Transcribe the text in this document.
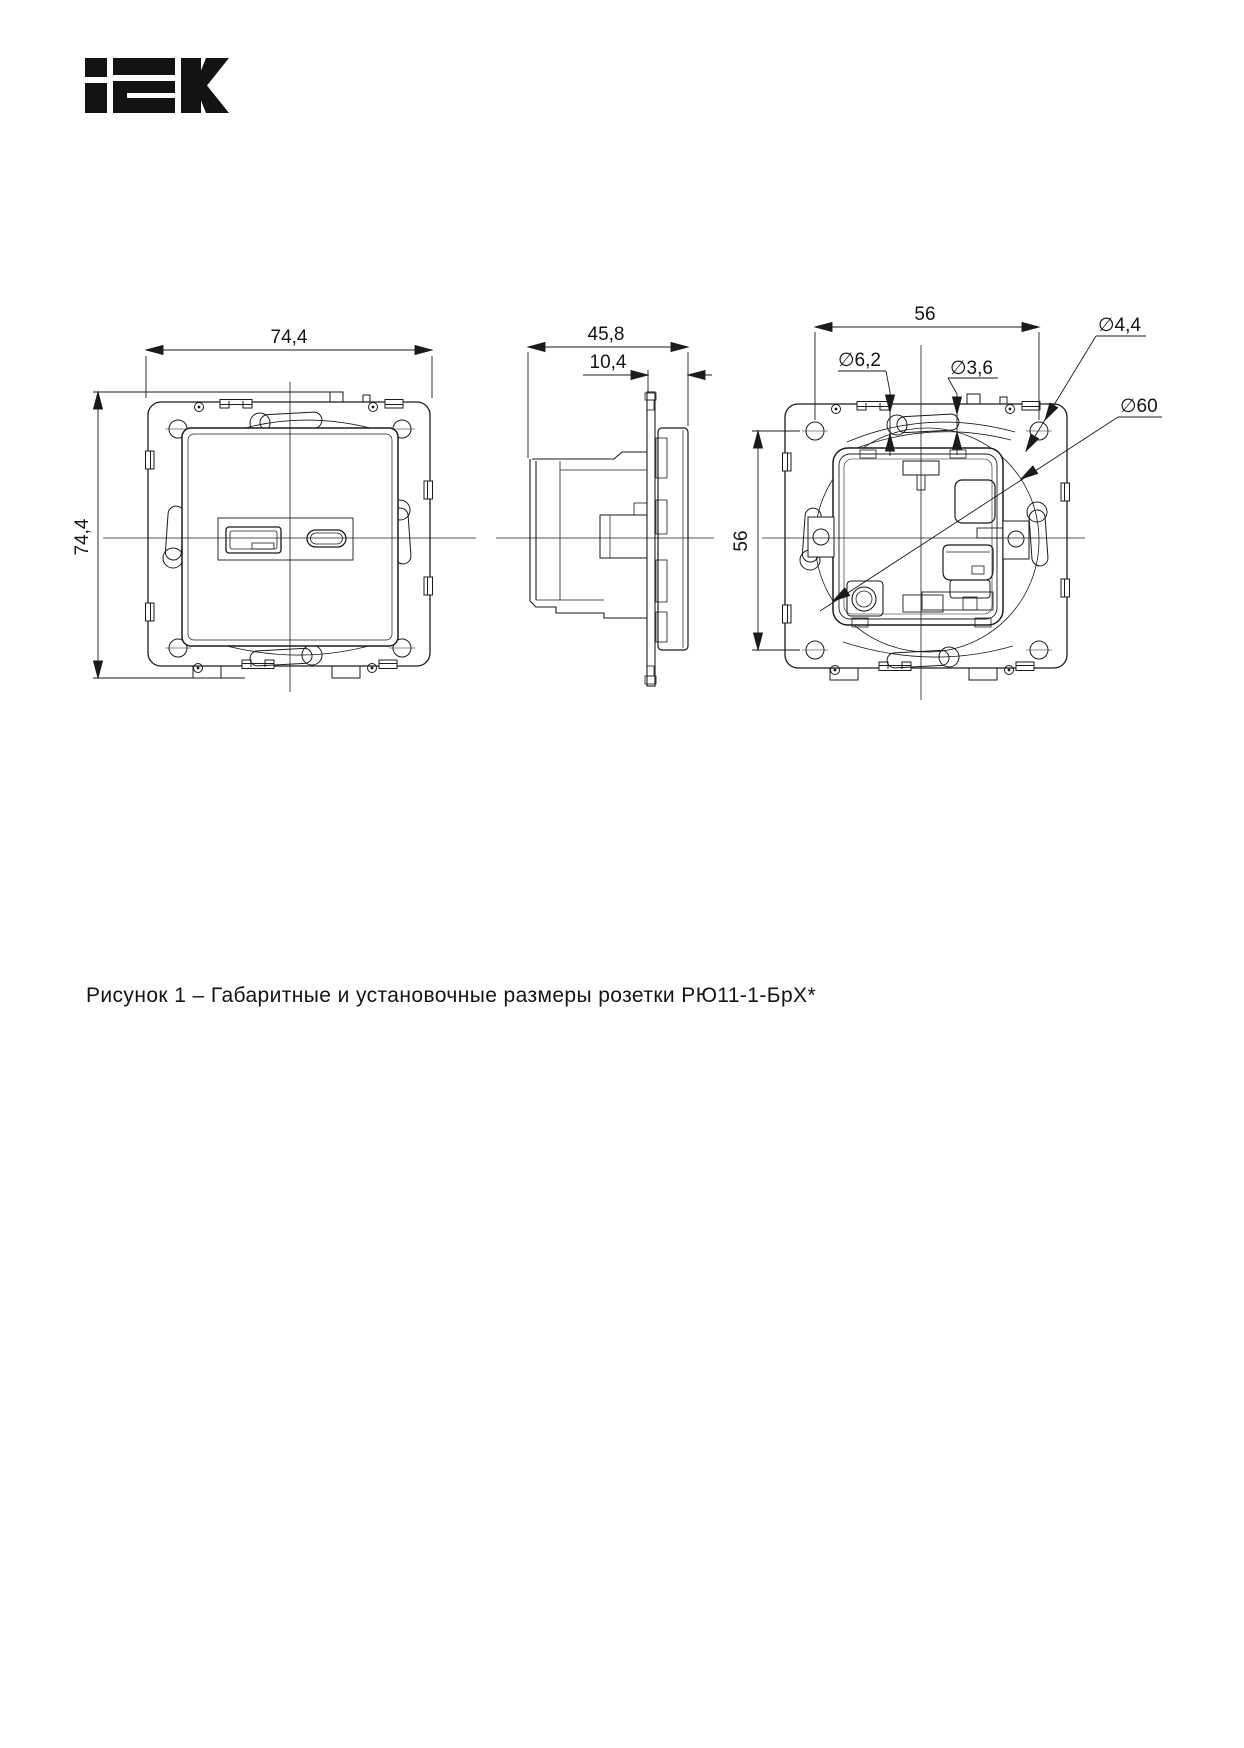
74,4
74,4
45,8
10,4
56
56
∅6,2	∅3,6
∅4,4
∅60
Рисунок 1 – Габаритные и установочные размеры розетки РЮ11-1-БрХ*
